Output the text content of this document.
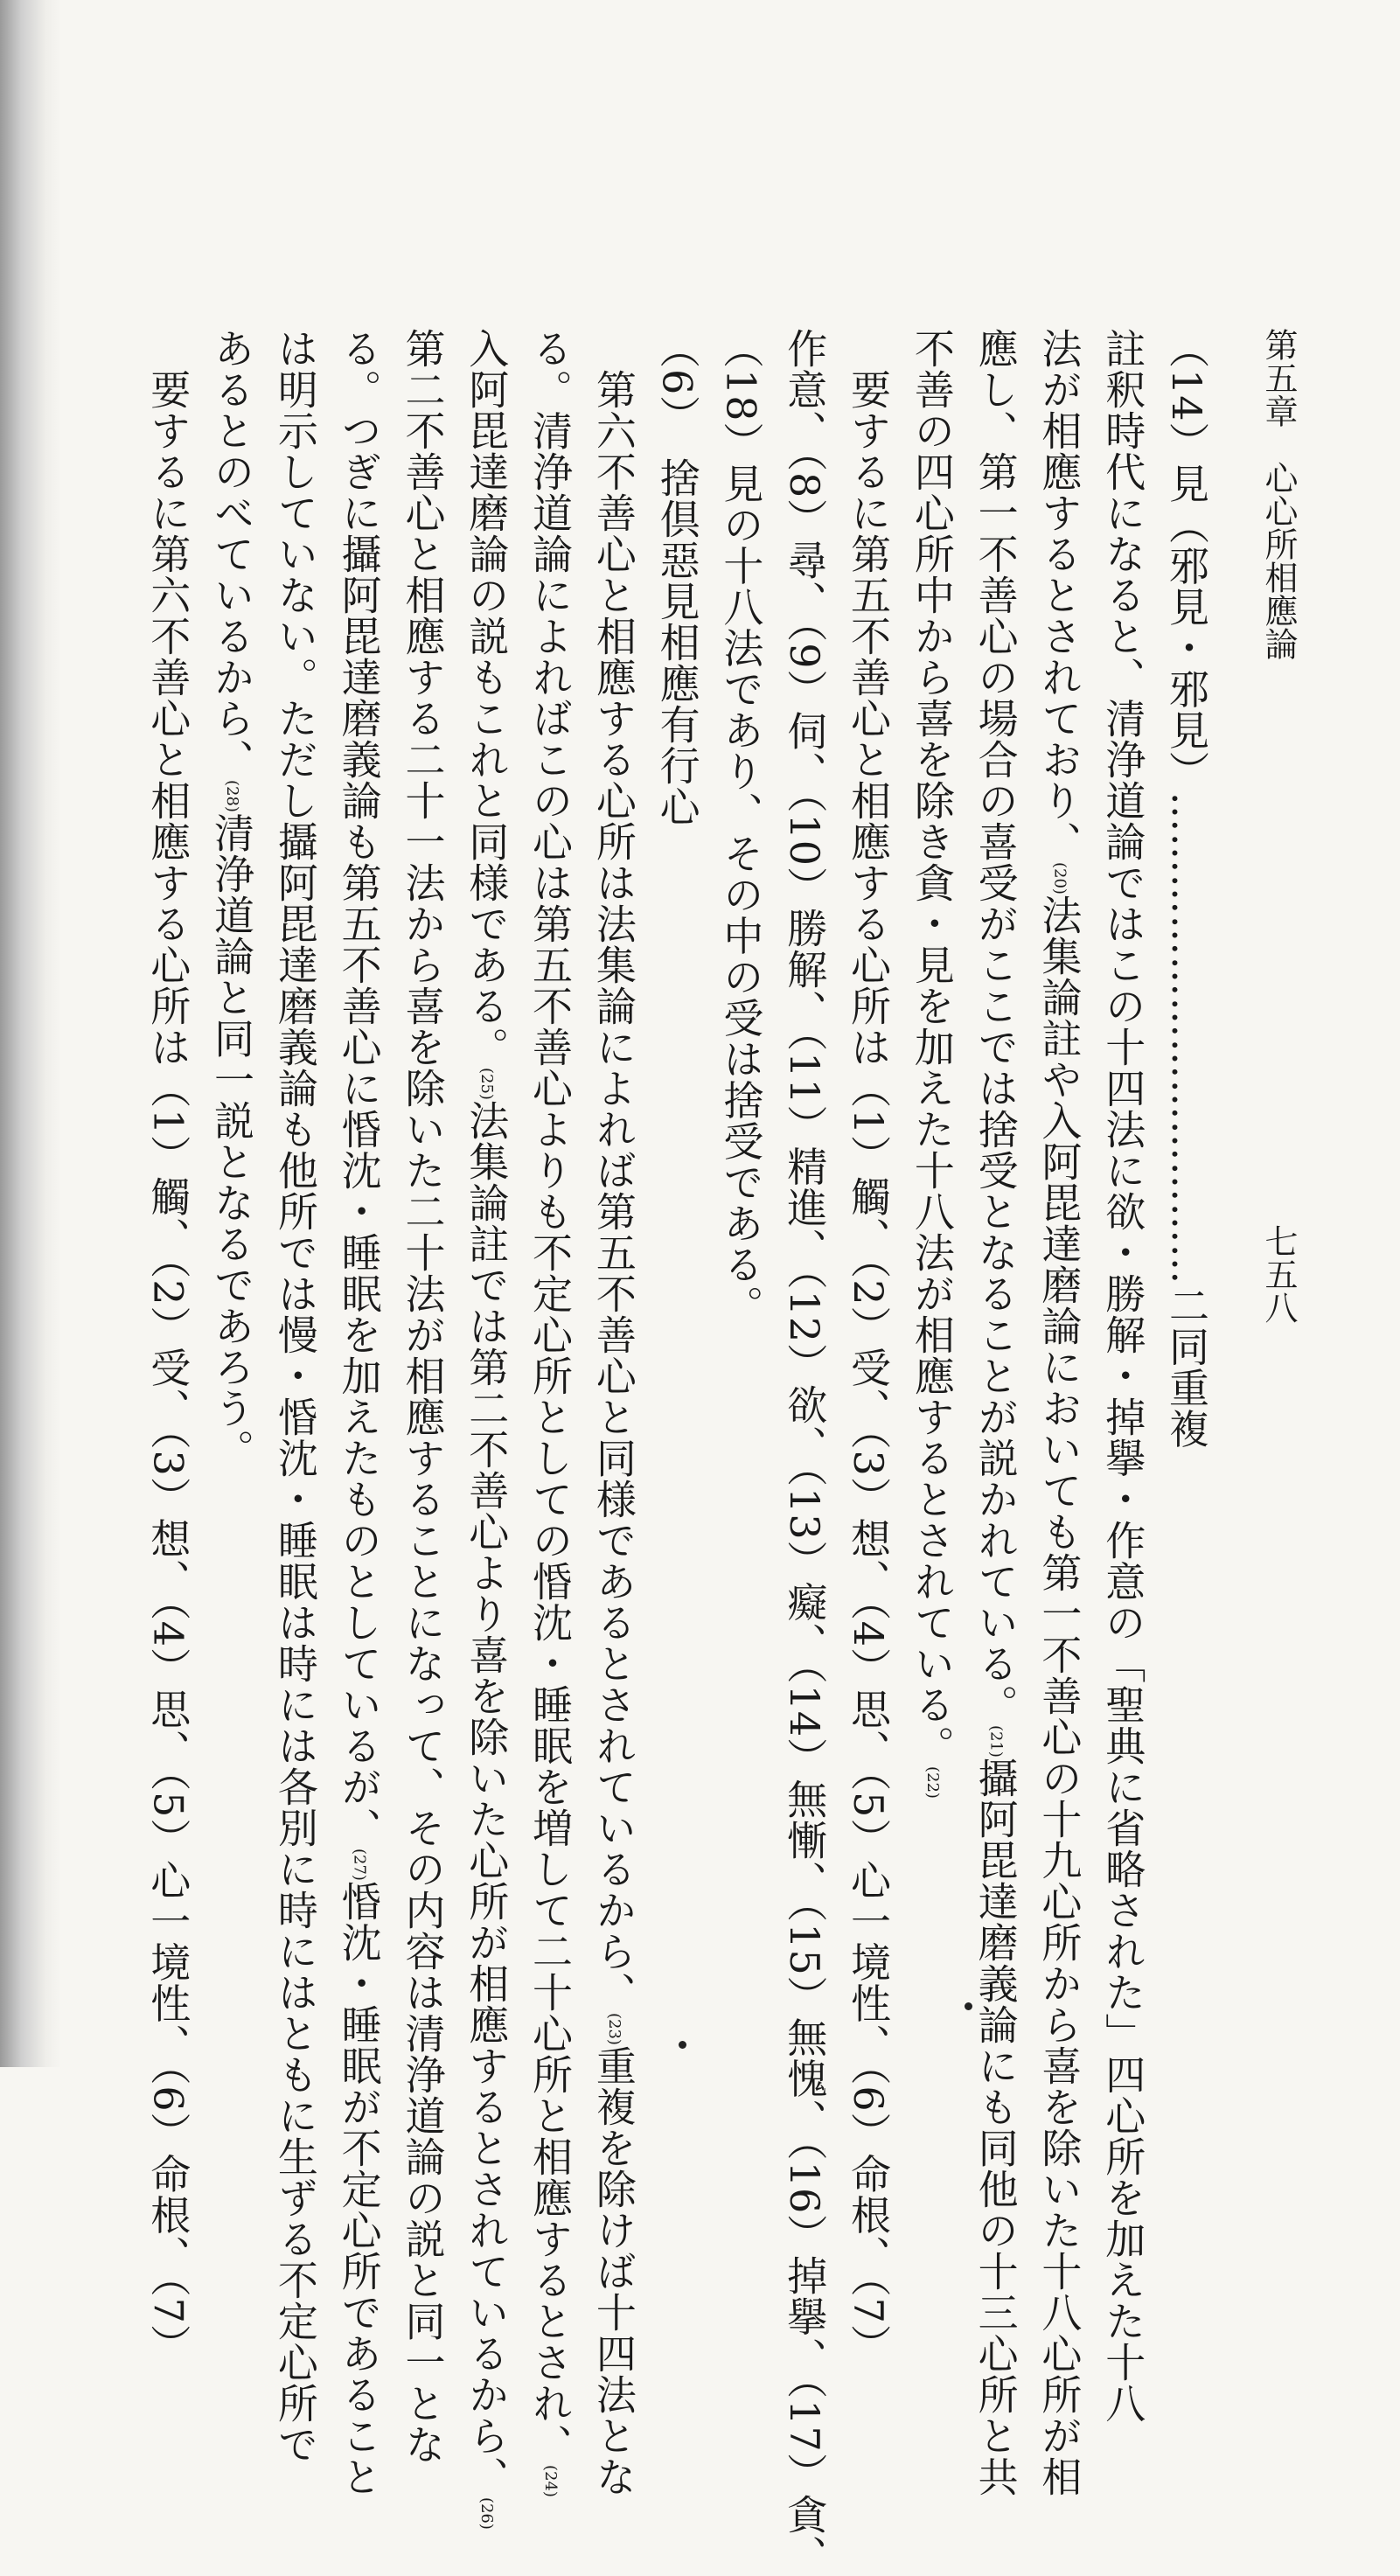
第五章　心心所相應論
七五八
（14）見（邪見・邪見）………………………………二同重複
註釈時代になると、清浄道論ではこの十四法に欲・勝解・掉擧・作意の「聖典に省略された」四心所を加えた十八
法が相應するとされており、(20)法集論註や入阿毘達磨論においても第一不善心の十九心所から喜を除いた十八心所が相
應し、第一不善心の場合の喜受がここでは捨受となることが説かれている。(21)攝阿毘達磨義論にも同他の十三心所と共
不善の四心所中から喜を除き貪・見を加えた十八法が相應するとされている。(22)
　要するに第五不善心と相應する心所は（1）觸、（2）受、（3）想、（4）思、（5）心一境性、（6）命根、（7）
作意、（8）尋、（9）伺、（10）勝解、（11）精進、（12）欲、（13）癡、（14）無慚、（15）無愧、（16）掉擧、（17）貪、
（18）見の十八法であり、その中の受は捨受である。
（6）　捨倶惡見相應有行心
　第六不善心と相應する心所は法集論によれば第五不善心と同様であるとされているから、(23)重複を除けば十四法とな
る。清浄道論によればこの心は第五不善心よりも不定心所としての惛沈・睡眠を増して二十心所と相應するとされ、(24)
入阿毘達磨論の説もこれと同様である。(25)法集論註では第二不善心より喜を除いた心所が相應するとされているから、(26)
第二不善心と相應する二十一法から喜を除いた二十法が相應することになって、その内容は清浄道論の説と同一とな
る。つぎに攝阿毘達磨義論も第五不善心に惛沈・睡眠を加えたものとしているが、(27)惛沈・睡眠が不定心所であること
は明示していない。ただし攝阿毘達磨義論も他所では慢・惛沈・睡眠は時には各別に時にはともに生ずる不定心所で
あるとのべているから、(28)清浄道論と同一説となるであろう。
　要するに第六不善心と相應する心所は（1）觸、（2）受、（3）想、（4）思、（5）心一境性、（6）命根、（7）
